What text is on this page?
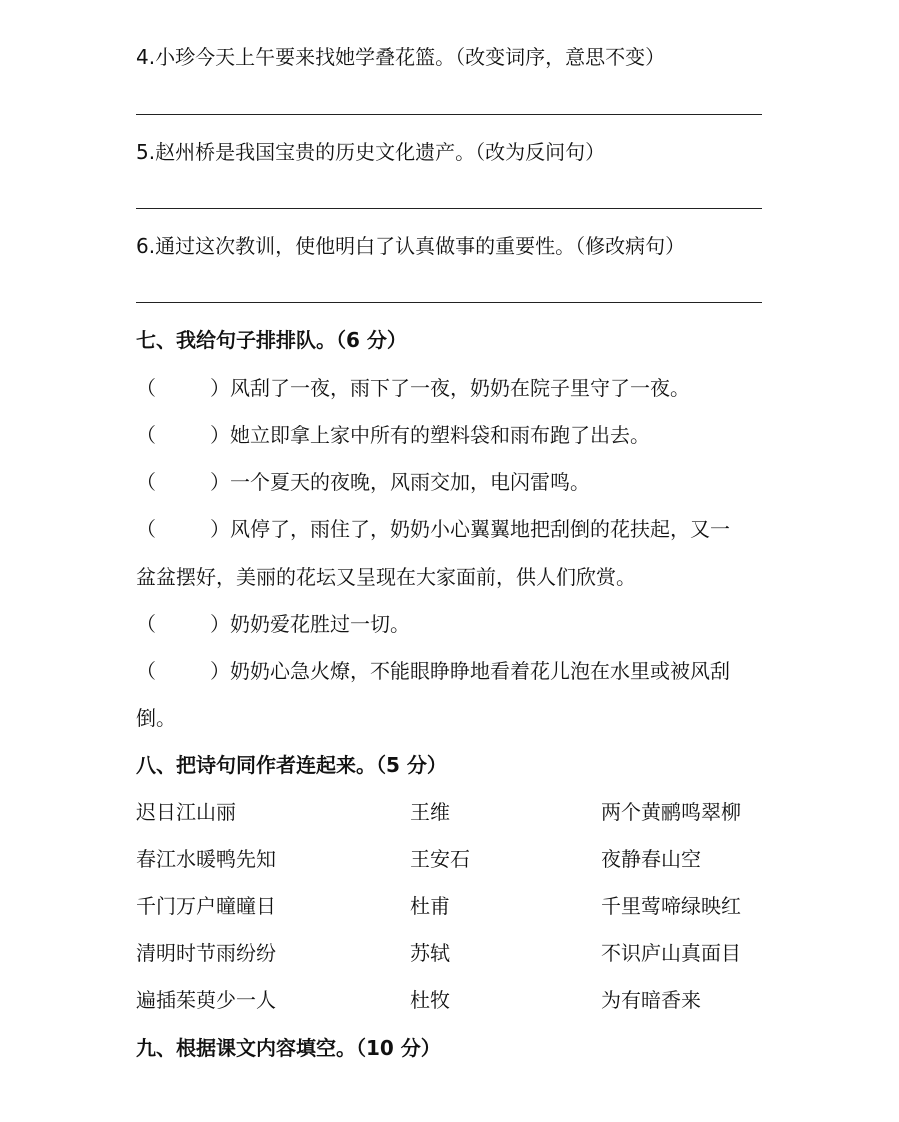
4.小珍今天上午要来找她学叠花篮。（改变词序，意思不变）
5.赵州桥是我国宝贵的历史文化遗产。（改为反问句）
6.通过这次教训，使他明白了认真做事的重要性。（修改病句）
七、我给句子排排队。（6 分）
（	）风刮了一夜，雨下了一夜，奶奶在院子里守了一夜。
（	）她立即拿上家中所有的塑料袋和雨布跑了出去。
（	）一个夏天的夜晚，风雨交加，电闪雷鸣。
（	）风停了，雨住了，奶奶小心翼翼地把刮倒的花扶起，又一
盆盆摆好，美丽的花坛又呈现在大家面前，供人们欣赏。
（	）奶奶爱花胜过一切。
（	）奶奶心急火燎，不能眼睁睁地看着花儿泡在水里或被风刮
倒。
八、把诗句同作者连起来。（5 分）
迟日江山丽	王维	两个黄鹂鸣翠柳
春江水暖鸭先知	王安石	夜静春山空
千门万户曈曈日	杜甫	千里莺啼绿映红
清明时节雨纷纷	苏轼	不识庐山真面目
遍插茱萸少一人	杜牧	为有暗香来
九、根据课文内容填空。（10 分）
